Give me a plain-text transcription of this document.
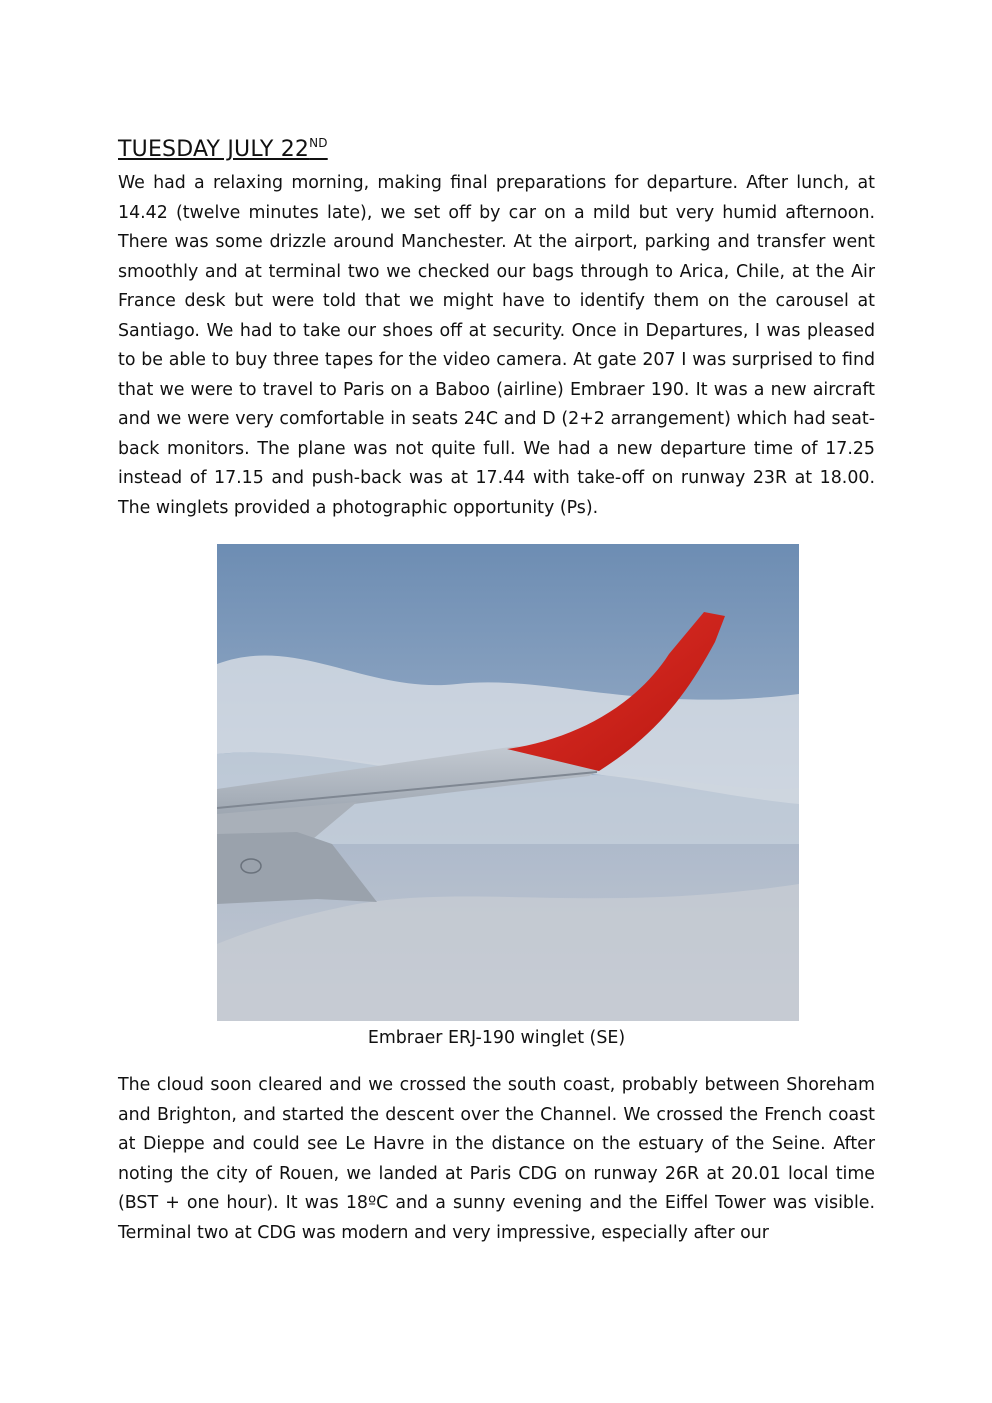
TUESDAY JULY 22ND

We had a relaxing morning, making final preparations for departure. After lunch, at 14.42 (twelve minutes late), we set off by car on a mild but very humid afternoon. There was some drizzle around Manchester. At the airport, parking and transfer went smoothly and at terminal two we checked our bags through to Arica, Chile, at the Air France desk but were told that we might have to identify them on the carousel at Santiago. We had to take our shoes off at security. Once in Departures, I was pleased to be able to buy three tapes for the video camera. At gate 207 I was surprised to find that we were to travel to Paris on a Baboo (airline) Embraer 190. It was a new aircraft and we were very comfortable in seats 24C and D (2+2 arrangement) which had seat-back monitors. The plane was not quite full. We had a new departure time of 17.25 instead of 17.15 and push-back was at 17.44 with take-off on runway 23R at 18.00. The winglets provided a photographic opportunity (Ps).

Embraer ERJ-190 winglet (SE)

The cloud soon cleared and we crossed the south coast, probably between Shoreham and Brighton, and started the descent over the Channel. We crossed the French coast at Dieppe and could see Le Havre in the distance on the estuary of the Seine. After noting the city of Rouen, we landed at Paris CDG on runway 26R at 20.01 local time (BST + one hour). It was 18ºC and a sunny evening and the Eiffel Tower was visible. Terminal two at CDG was modern and very impressive, especially after our
